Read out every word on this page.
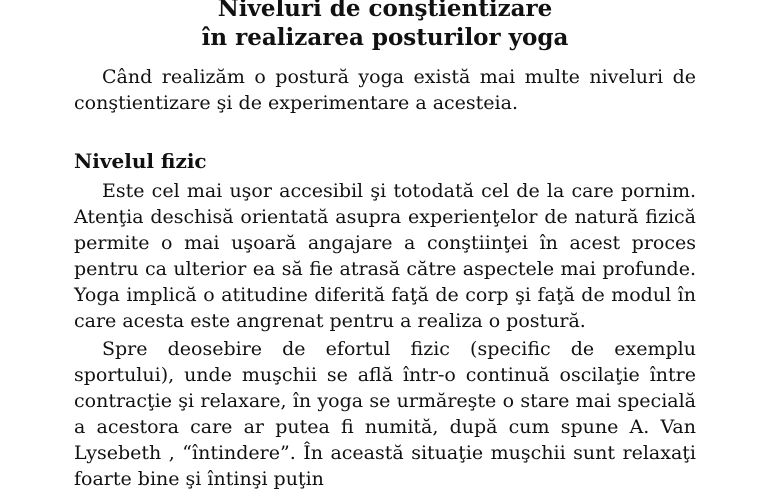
Niveluri de conştientizare
în realizarea posturilor yoga

Când realizăm o postură yoga există mai multe niveluri de conştientizare şi de experimentare a acesteia.

Nivelul fizic

Este cel mai uşor accesibil şi totodată cel de la care pornim. Atenţia deschisă orientată asupra experienţelor de natură fizică permite o mai uşoară angajare a conştiinţei în acest proces pentru ca ulterior ea să fie atrasă către aspectele mai profunde. Yoga implică o atitudine diferită faţă de corp şi faţă de modul în care acesta este angrenat pentru a realiza o postură.

Spre deosebire de efortul fizic (specific de exemplu sportului), unde muşchii se află într-o continuă oscilaţie între contracţie şi relaxare, în yoga se urmăreşte o stare mai specială a acestora care ar putea fi numită, după cum spune A. Van Lysebeth , “întindere”. În această situaţie muşchii sunt relaxaţi foarte bine şi întinşi puţin
